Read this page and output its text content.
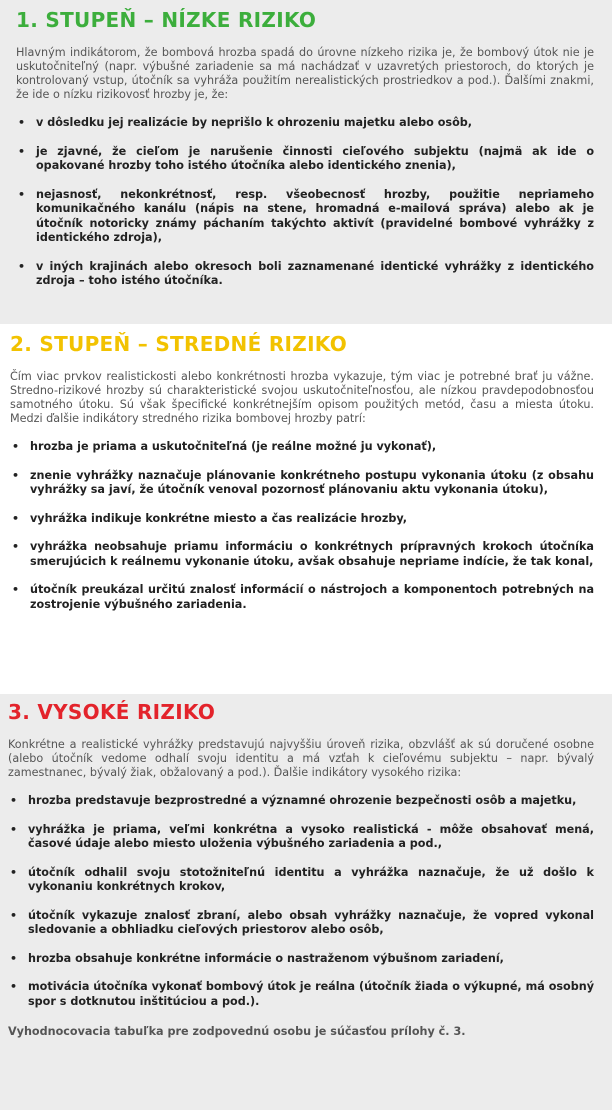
1. STUPEŇ – NÍZKE RIZIKO

Hlavným indikátorom, že bombová hrozba spadá do úrovne nízkeho rizika je, že bombový útok nie je uskutočniteľný (napr. výbušné zariadenie sa má nachádzať v uzavretých priestoroch, do ktorých je kontrolovaný vstup, útočník sa vyhráža použitím nerealistických prostriedkov a pod.). Ďalšími znakmi, že ide o nízku rizikovosť hrozby je, že:

• v dôsledku jej realizácie by neprišlo k ohrozeniu majetku alebo osôb,
• je zjavné, že cieľom je narušenie činnosti cieľového subjektu (najmä ak ide o opakované hrozby toho istého útočníka alebo identického znenia),
• nejasnosť, nekonkrétnosť, resp. všeobecnosť hrozby, použitie nepriameho komunikačného kanálu (nápis na stene, hromadná e-mailová správa) alebo ak je útočník notoricky známy páchaním takýchto aktivít (pravidelné bombové vyhrážky z identického zdroja),
• v iných krajinách alebo okresoch boli zaznamenané identické vyhrážky z identického zdroja – toho istého útočníka.
2. STUPEŇ – STREDNÉ RIZIKO

Čím viac prvkov realistickosti alebo konkrétnosti hrozba vykazuje, tým viac je potrebné brať ju vážne. Stredno-rizikové hrozby sú charakteristické svojou uskutočniteľnosťou, ale nízkou pravdepodobnosťou samotného útoku. Sú však špecifické konkrétnejším opisom použitých metód, času a miesta útoku. Medzi ďalšie indikátory stredného rizika bombovej hrozby patrí:

• hrozba je priama a uskutočniteľná (je reálne možné ju vykonať),
• znenie vyhrážky naznačuje plánovanie konkrétneho postupu vykonania útoku (z obsahu vyhrážky sa javí, že útočník venoval pozornosť plánovaniu aktu vykonania útoku),
• vyhrážka indikuje konkrétne miesto a čas realizácie hrozby,
• vyhrážka neobsahuje priamu informáciu o konkrétnych prípravných krokoch útočníka smerujúcich k reálnemu vykonanie útoku, avšak obsahuje nepriame indície, že tak konal,
• útočník preukázal určitú znalosť informácií o nástrojoch a komponentoch potrebných na zostrojenie výbušného zariadenia.
3. VYSOKÉ RIZIKO

Konkrétne a realistické vyhrážky predstavujú najvyššiu úroveň rizika, obzvlášť ak sú doručené osobne (alebo útočník vedome odhalí svoju identitu a má vzťah k cieľovému subjektu – napr. bývalý zamestnanec, bývalý žiak, obžalovaný a pod.). Ďalšie indikátory vysokého rizika:

• hrozba predstavuje bezprostredné a významné ohrozenie bezpečnosti osôb a majetku,
• vyhrážka je priama, veľmi konkrétna a vysoko realistická - môže obsahovať mená, časové údaje alebo miesto uloženia výbušného zariadenia a pod.,
• útočník odhalil svoju stotožniteľnú identitu a vyhrážka naznačuje, že už došlo k vykonaniu konkrétnych krokov,
• útočník vykazuje znalosť zbraní, alebo obsah vyhrážky naznačuje, že vopred vykonal sledovanie a obhliadku cieľových priestorov alebo osôb,
• hrozba obsahuje konkrétne informácie o nastraženom výbušnom zariadení,
• motivácia útočníka vykonať bombový útok je reálna (útočník žiada o výkupné, má osobný spor s dotknutou inštitúciou a pod.).
Vyhodnocovacia tabuľka pre zodpovednú osobu je súčasťou prílohy č. 3.
